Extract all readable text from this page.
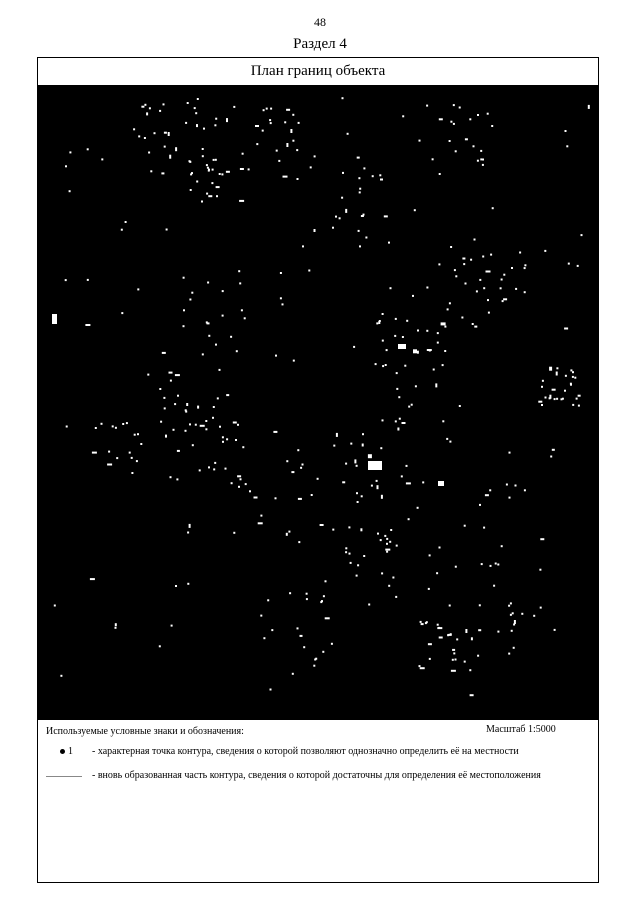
48
Раздел 4
План границ объекта
Используемые условные знаки и обозначения:	Масштаб 1:5000
1 - характерная точка контура, сведения о которой позволяют однозначно определить её на местности
- вновь образованная часть контура, сведения о которой достаточны для определения её местоположения
